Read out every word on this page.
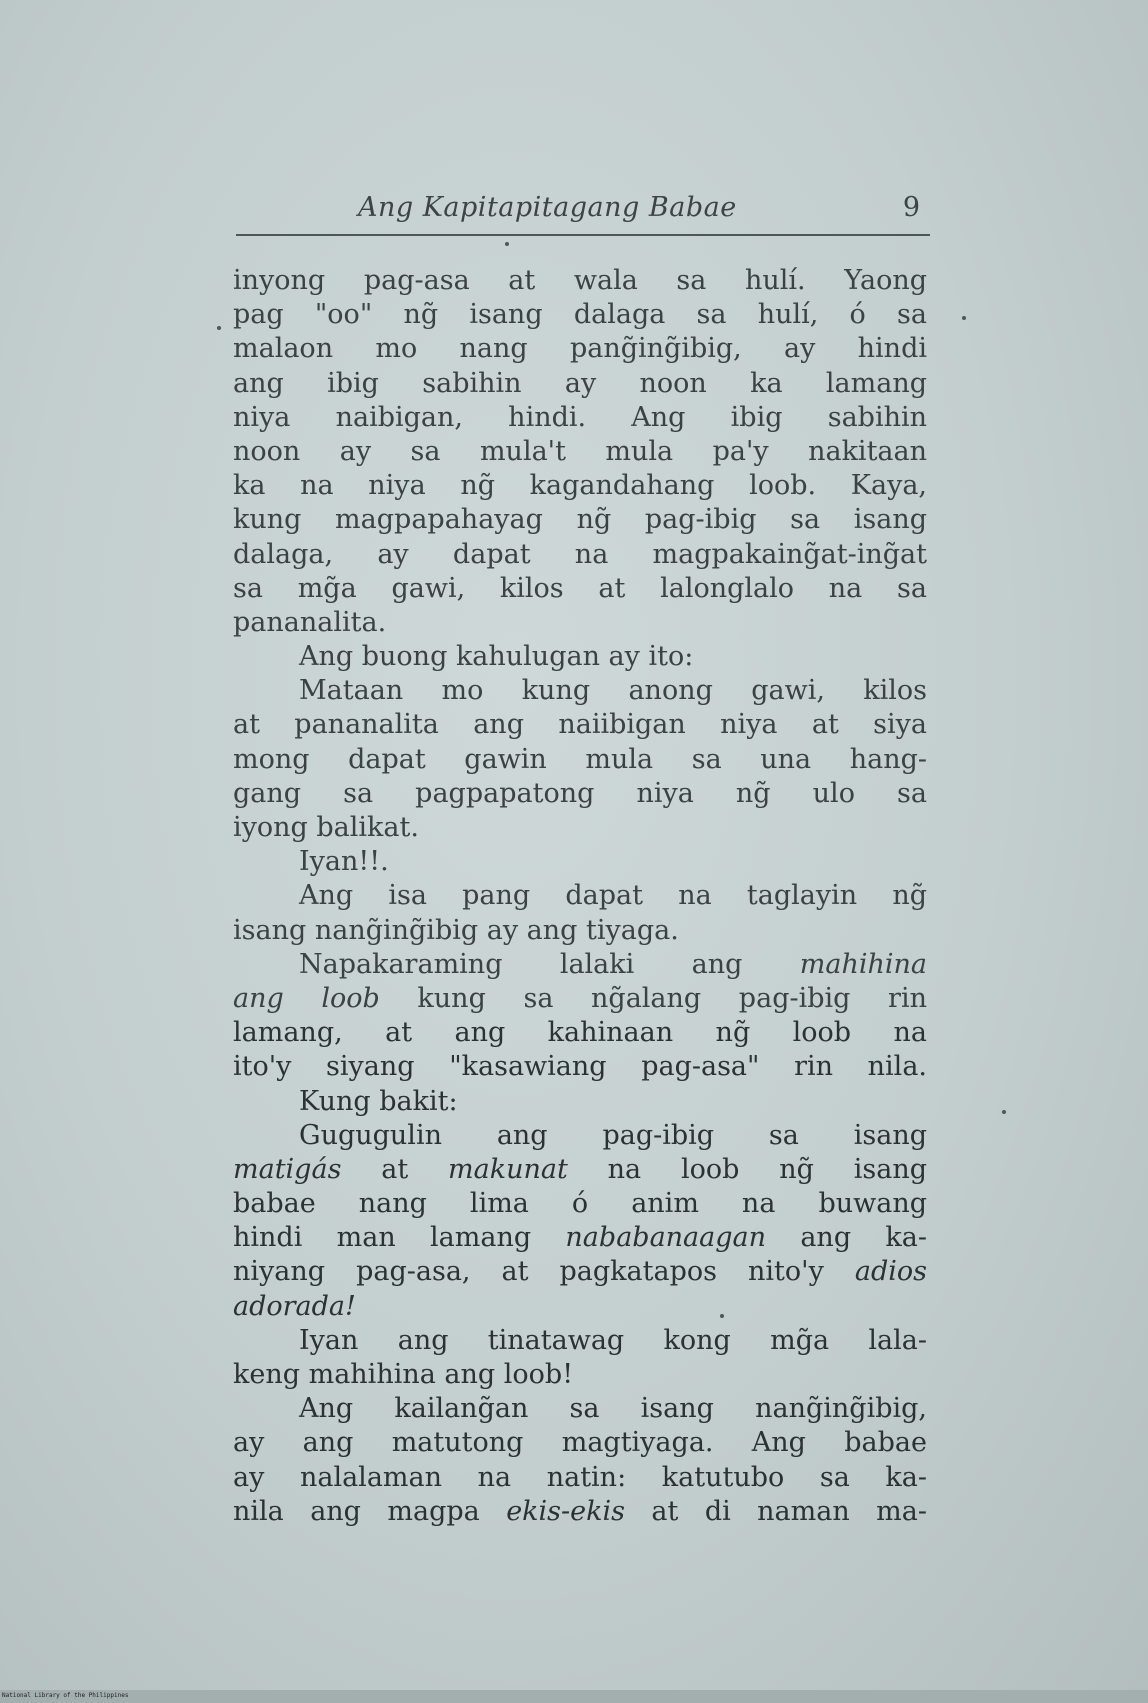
Ang Kapitapitagang Babae	9
inyong pag-asa at wala sa hulí. Yaong
pag "oo" ng̃ isang dalaga sa hulí, ó sa
malaon mo nang pang̃ing̃ibig, ay hindi
ang ibig sabihin ay noon ka lamang
niya naibigan, hindi. Ang ibig sabihin
noon ay sa mula't mula pa'y nakitaan
ka na niya ng̃ kagandahang loob. Kaya,
kung magpapahayag ng̃ pag-ibig sa isang
dalaga, ay dapat na magpakaing̃at-ing̃at
sa mg̃a gawi, kilos at lalonglalo na sa
pananalita.
Ang buong kahulugan ay ito:
Mataan mo kung anong gawi, kilos
at pananalita ang naiibigan niya at siya
mong dapat gawin mula sa una hang-
gang sa pagpapatong niya ng̃ ulo sa
iyong balikat.
Iyan!!.
Ang isa pang dapat na taglayin ng̃
isang nang̃ing̃ibig ay ang tiyaga.
Napakaraming lalaki ang mahihina
ang loob kung sa ng̃alang pag-ibig rin
lamang, at ang kahinaan ng̃ loob na
ito'y siyang "kasawiang pag-asa" rin nila.
Kung bakit:
Gugugulin ang pag-ibig sa isang
matigás at makunat na loob ng̃ isang
babae nang lima ó anim na buwang
hindi man lamang nababanaagan ang ka-
niyang pag-asa, at pagkatapos nito'y adios
adorada!
Iyan ang tinatawag kong mg̃a lala-
keng mahihina ang loob!
Ang kailang̃an sa isang nang̃ing̃ibig,
ay ang matutong magtiyaga. Ang babae
ay nalalaman na natin: katutubo sa ka-
nila ang magpa ekis-ekis at di naman ma-
National Library of the Philippines
